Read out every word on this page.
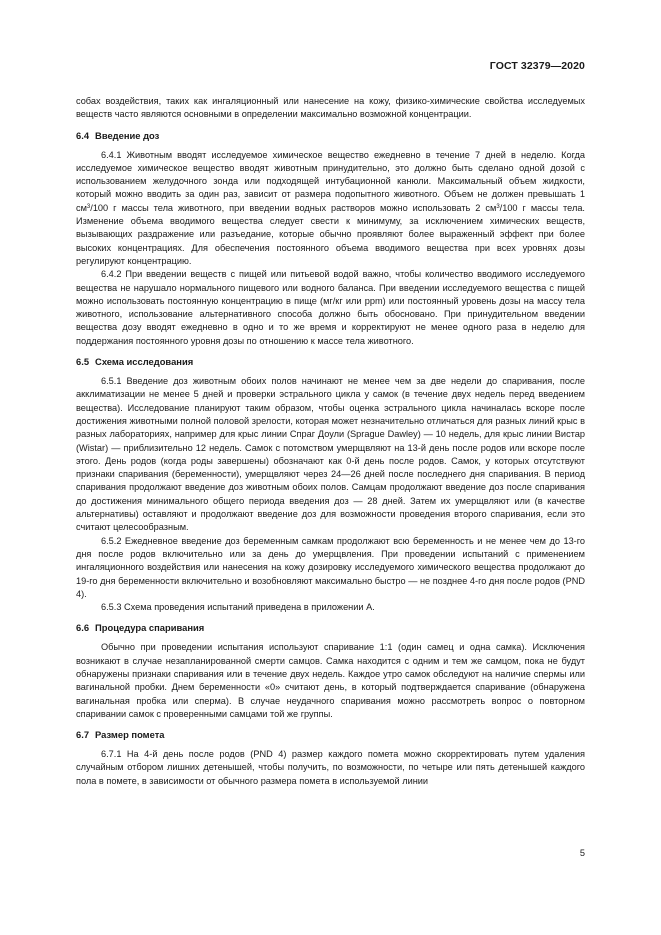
ГОСТ 32379—2020

собах воздействия, таких как ингаляционный или нанесение на кожу, физико-химические свойства исследуемых веществ часто являются основными в определении максимально возможной концентрации.

6.4 Введение доз

6.4.1 Животным вводят исследуемое химическое вещество ежедневно в течение 7 дней в неделю. Когда исследуемое химическое вещество вводят животным принудительно, это должно быть сделано одной дозой с использованием желудочного зонда или подходящей интубационной канюли. Максимальный объем жидкости, который можно вводить за один раз, зависит от размера подопытного животного. Объем не должен превышать 1 $см^3/100$ г массы тела животного, при введении водных растворов можно использовать 2 $см^3/100$ г массы тела. Изменение объема вводимого вещества следует свести к минимуму, за исключением химических веществ, вызывающих раздражение или разъедание, которые обычно проявляют более выраженный эффект при более высоких концентрациях. Для обеспечения постоянного объема вводимого вещества при всех уровнях дозы регулируют концентрацию.

6.4.2 При введении веществ с пищей или питьевой водой важно, чтобы количество вводимого исследуемого вещества не нарушало нормального пищевого или водного баланса. При введении исследуемого вещества с пищей можно использовать постоянную концентрацию в пище (мг/кг или ppm) или постоянный уровень дозы на массу тела животного, использование альтернативного способа должно быть обосновано. При принудительном введении вещества дозу вводят ежедневно в одно и то же время и корректируют не менее одного раза в неделю для поддержания постоянного уровня дозы по отношению к массе тела животного.

6.5 Схема исследования

6.5.1 Введение доз животным обоих полов начинают не менее чем за две недели до спаривания, после акклиматизации не менее 5 дней и проверки эстрального цикла у самок (в течение двух недель перед введением вещества). Исследование планируют таким образом, чтобы оценка эстрального цикла начиналась вскоре после достижения животными полной половой зрелости, которая может незначительно отличаться для разных линий крыс в разных лабораториях, например для крыс линии Спраг Доули (Sprague Dawley) — 10 недель, для крыс линии Вистар (Wistar) — приблизительно 12 недель. Самок с потомством умерщвляют на 13-й день после родов или вскоре после этого. День родов (когда роды завершены) обозначают как 0-й день после родов. Самок, у которых отсутствуют признаки спаривания (беременности), умерщвляют через 24—26 дней после последнего дня спаривания. В период спаривания продолжают введение доз животным обоих полов. Самцам продолжают введение доз после спаривания до достижения минимального общего периода введения доз — 28 дней. Затем их умерщвляют или (в качестве альтернативы) оставляют и продолжают введение доз для возможности проведения второго спаривания, если это считают целесообразным.

6.5.2 Ежедневное введение доз беременным самкам продолжают всю беременность и не менее чем до 13-го дня после родов включительно или за день до умерщвления. При проведении испытаний с применением ингаляционного воздействия или нанесения на кожу дозировку исследуемого химического вещества продолжают до 19-го дня беременности включительно и возобновляют максимально быстро — не позднее 4-го дня после родов (PND 4).

6.5.3 Схема проведения испытаний приведена в приложении А.

6.6 Процедура спаривания

Обычно при проведении испытания используют спаривание 1:1 (один самец и одна самка). Исключения возникают в случае незапланированной смерти самцов. Самка находится с одним и тем же самцом, пока не будут обнаружены признаки спаривания или в течение двух недель. Каждое утро самок обследуют на наличие спермы или вагинальной пробки. Днем беременности «0» считают день, в который подтверждается спаривание (обнаружена вагинальная пробка или сперма). В случае неудачного спаривания можно рассмотреть вопрос о повторном спаривании самок с проверенными самцами той же группы.

6.7 Размер помета

6.7.1 На 4-й день после родов (PND 4) размер каждого помета можно скорректировать путем удаления случайным отбором лишних детенышей, чтобы получить, по возможности, по четыре или пять детенышей каждого пола в помете, в зависимости от обычного размера помета в используемой линии

5
